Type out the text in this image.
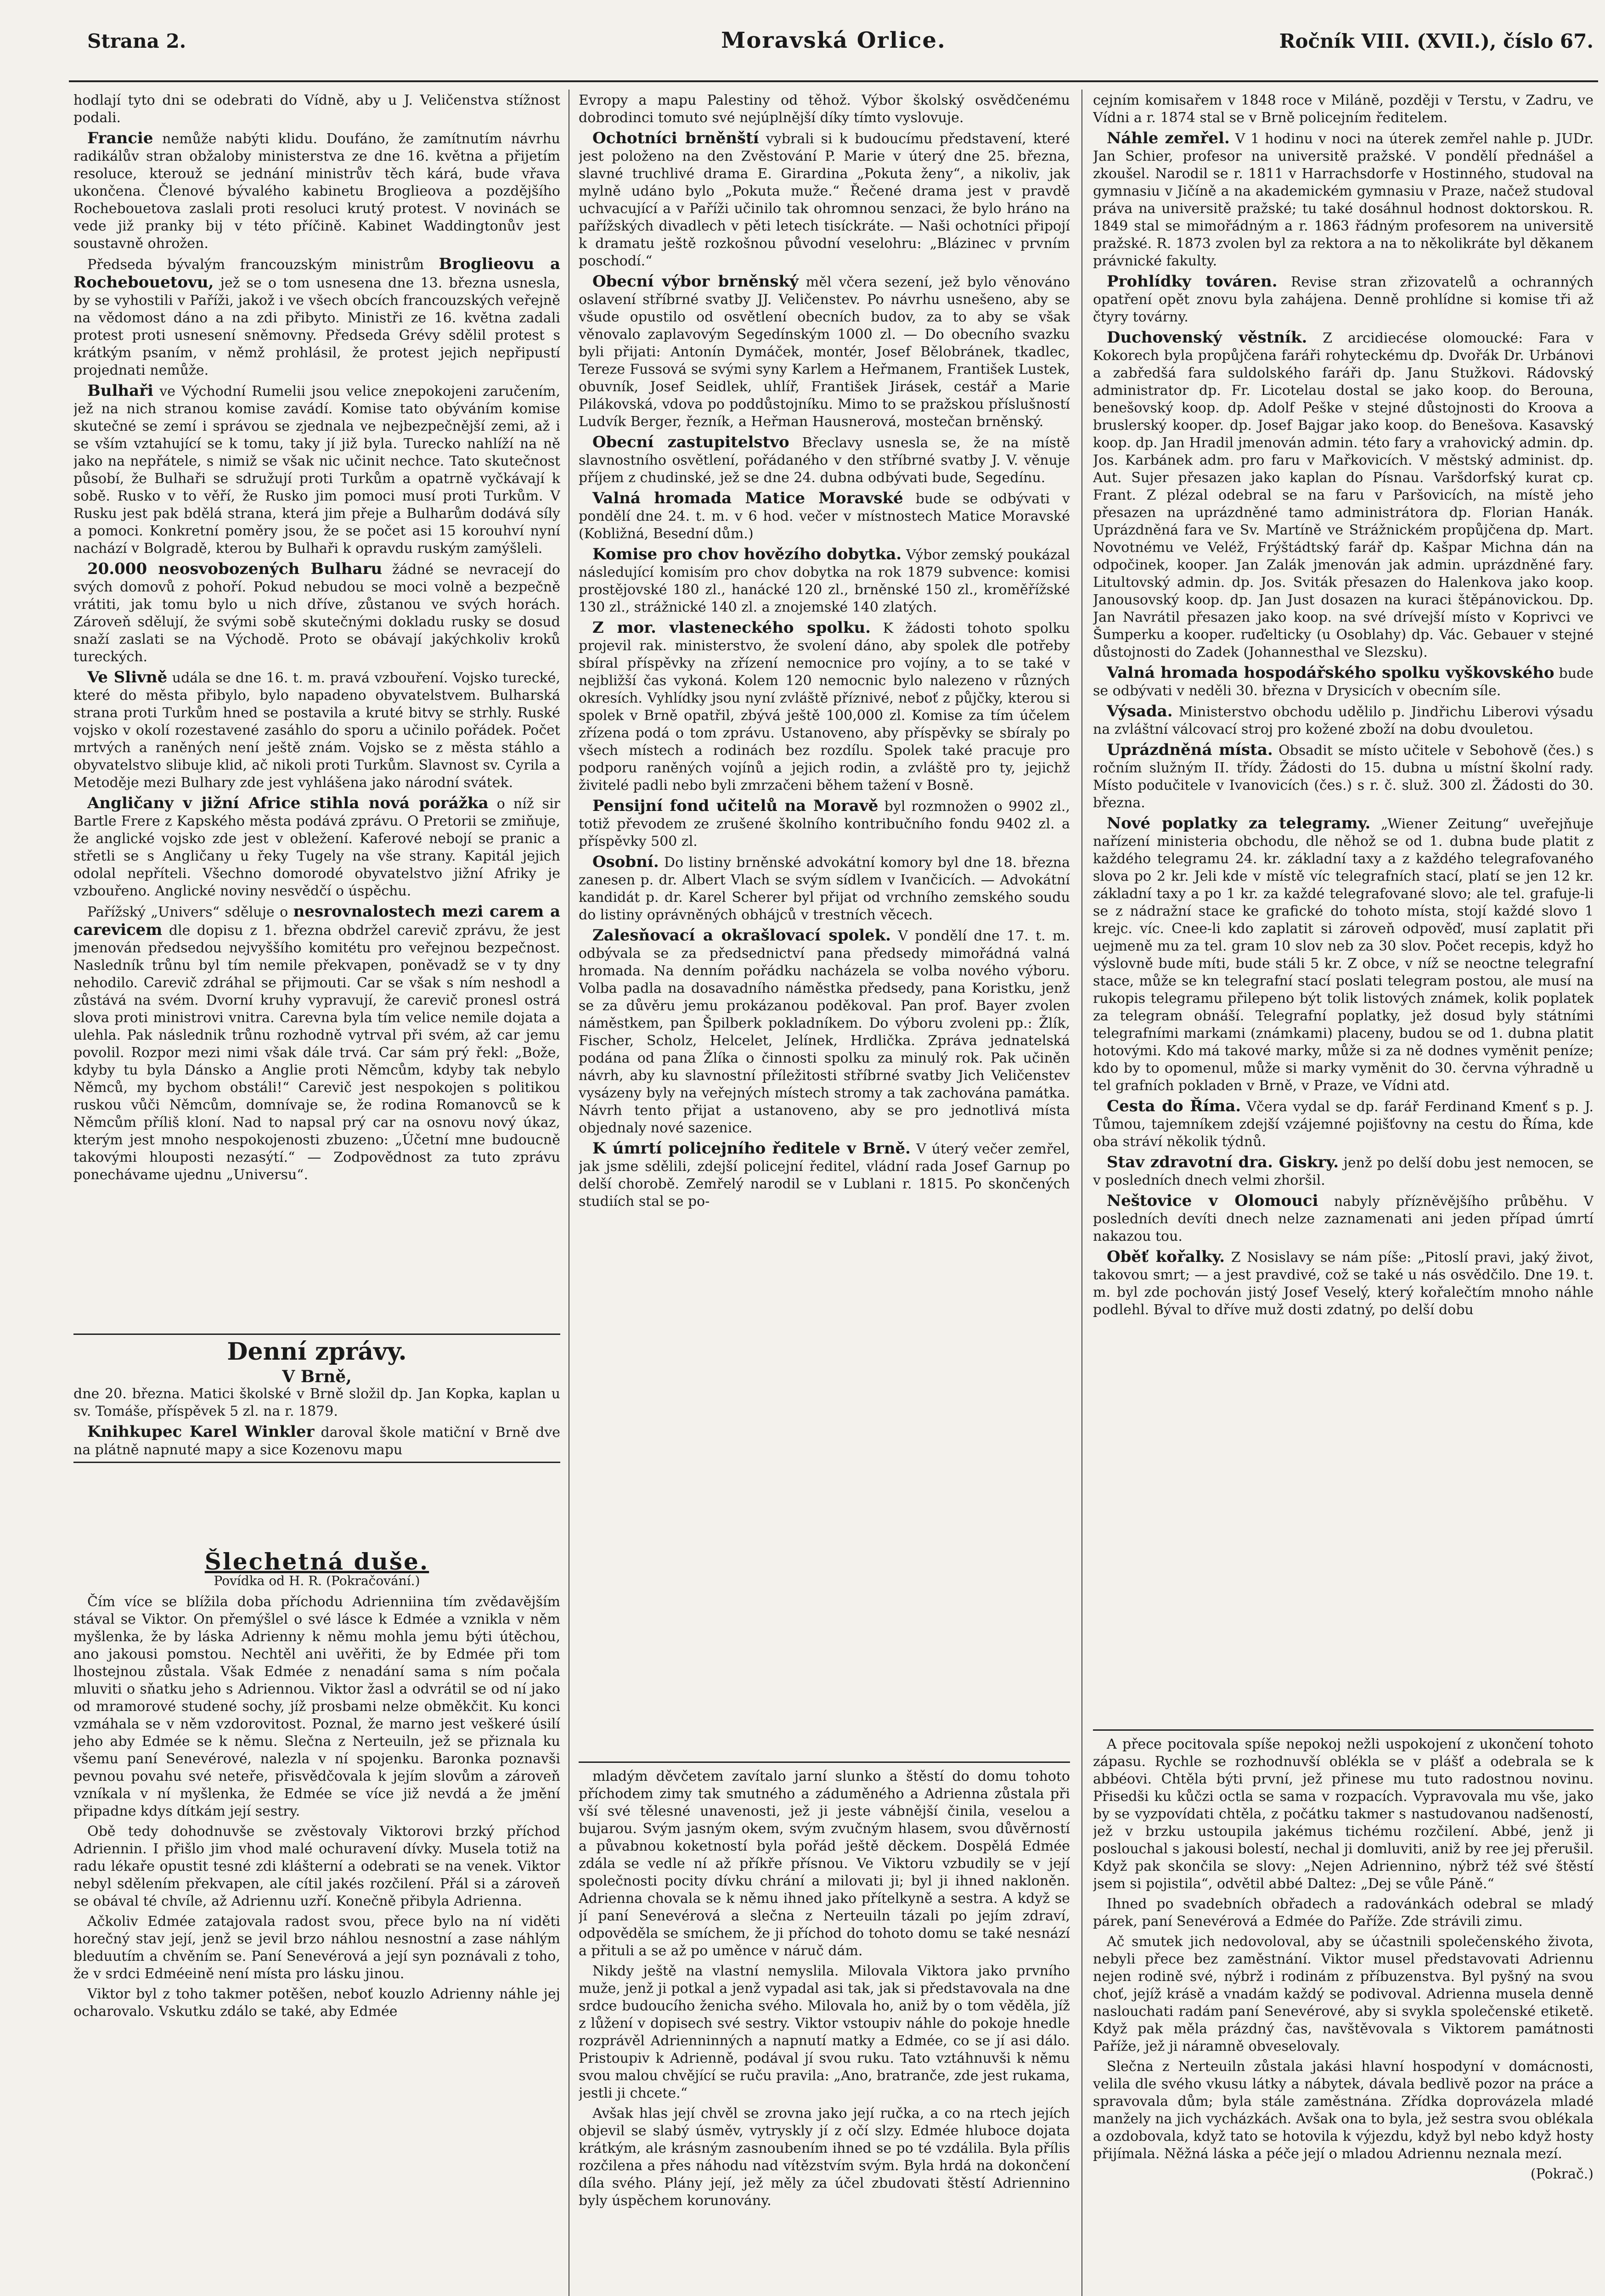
Strana 2.	Moravská Orlice.	Ročník VIII. (XVII.), číslo 67.

hodlají tyto dni se odebrati do Vídně, aby u J. Veličenstva stížnost podali.

Francie nemůže nabýti klidu. Doufáno, že zamítnutím návrhu radikálův stran obžaloby ministerstva ze dne 16. května a přijetím resoluce, kterouž se jednání ministrův těch kárá, bude vřava ukončena. Členové bývalého kabinetu Broglieova a pozdějšího Rochebouetova zaslali proti resoluci krutý protest. V novinách se vede již pranky bij v této příčině. Kabinet Waddingtonův jest soustavně ohrožen.

Předseda bývalým francouzským ministrům Broglieovu a Rochebouetovu, jež se o tom usnesena dne 13. března usnesla, by se vyhostili v Paříži, jakož i ve všech obcích francouzských veřejně na vědomost dáno a na zdi přibyto. Ministři ze 16. května zadali protest proti usnesení sněmovny. Předseda Grévy sdělil protest s krátkým psaním, v němž prohlásil, že protest jejich nepřipustí projednati nemůže.

Bulhaři ve Východní Rumelii jsou velice znepokojeni zaručením, jež na nich stranou komise zavádí. Komise tato obýváním komise skutečné se zemí i správou se zjednala ve nejbezpečnější zemi, až i se vším vztahující se k tomu, taky jí již byla. Turecko nahlíží na ně jako na nepřátele, s nimiž se však nic učinit nechce. Tato skutečnost působí, že Bulhaři se sdružují proti Turkům a opatrně vyčkávají k sobě. Rusko v to věří, že Rusko jim pomoci musí proti Turkům. V Rusku jest pak bdělá strana, která jim přeje a Bulharům dodává síly a pomoci. Konkretní poměry jsou, že se počet asi 15 korouhví nyní nachází v Bolgradě, kterou by Bulhaři k opravdu ruským zamýšleli.

20.000 neosvobozených Bulharu žádné se nevracejí do svých domovů z pohoří. Pokud nebudou se moci volně a bezpečně vrátiti, jak tomu bylo u nich dříve, zůstanou ve svých horách. Zároveň sdělují, že svými sobě skutečnými dokladu rusky se dosud snaží zaslati se na Východě. Proto se obávají jakýchkoliv kroků tureckých.

Ve Slivně udála se dne 16. t. m. pravá vzbouření. Vojsko turecké, které do města přibylo, bylo napadeno obyvatelstvem. Bulharská strana proti Turkům hned se postavila a kruté bitvy se strhly. Ruské vojsko v okolí rozestavené zasáhlo do sporu a učinilo pořádek. Počet mrtvých a raněných není ještě znám. Vojsko se z města stáhlo a obyvatelstvo slibuje klid, ač nikoli proti Turkům. Slavnost sv. Cyrila a Metoděje mezi Bulhary zde jest vyhlášena jako národní svátek.

Angličany v jižní Africe stihla nová porážka o níž sir Bartle Frere z Kapského města podává zprávu. O Pretorii se zmiňuje, že anglické vojsko zde jest v obležení. Kaferové nebojí se pranic a střetli se s Angličany u řeky Tugely na vše strany. Kapitál jejich odolal nepříteli. Všechno domorodé obyvatelstvo jižní Afriky je vzbouřeno. Anglické noviny nesvědčí o úspěchu.

Pařížský „Univers“ sděluje o nesrovnalostech mezi carem a carevicem dle dopisu z 1. března obdržel carevič zprávu, že jest jmenován předsedou nejvyššího komitétu pro veřejnou bezpečnost. Nasledník trůnu byl tím nemile překvapen, poněvadž se v ty dny nehodilo. Carevič zdráhal se přijmouti. Car se však s ním neshodl a zůstává na svém. Dvorní kruhy vypravují, že carevič pronesl ostrá slova proti ministrovi vnitra. Carevna byla tím velice nemile dojata a ulehla. Pak následnik trůnu rozhodně vytrval při svém, až car jemu povolil. Rozpor mezi nimi však dále trvá. Car sám prý řekl: „Bože, kdyby tu byla Dánsko a Anglie proti Němcům, kdyby tak nebylo Němců, my bychom obstáli!“ Carevič jest nespokojen s politikou ruskou vůči Němcům, domnívaje se, že rodina Romanovců se k Němcům příliš kloní. Nad to napsal prý car na osnovu nový úkaz, kterým jest mnoho nespokojenosti zbuzeno: „Účetní mne budoucně takovými hlouposti nezasýtí.“ — Zodpovědnost za tuto zprávu ponechávame ujednu „Universu“.

Denní zprávy.

V Brně,
dne 20. března. Matici školské v Brně složil dp. Jan Kopka, kaplan u sv. Tomáše, příspěvek 5 zl. na r. 1879.

Knihkupec Karel Winkler daroval škole matiční v Brně dve na plátně napnuté mapy a sice Kozenovu mapu

Šlechetná duše.
Povídka od H. R. (Pokračování.)

Čím více se blížila doba příchodu Adrienniina tím zvědavějším stával se Viktor. On přemýšlel o své lásce k Edmée a vznikla v něm myšlenka, že by láska Adrienny k němu mohla jemu býti útěchou, ano jakousi pomstou. Nechtěl ani uvěřiti, že by Edmée při tom lhostejnou zůstala. Však Edmée z nenadání sama s ním počala mluviti o sňatku jeho s Adriennou. Viktor žasl a odvrátil se od ní jako od mramorové studené sochy, jíž prosbami nelze obměkčit. Ku konci vzmáhala se v něm vzdorovitost. Poznal, že marno jest veškeré úsilí jeho aby Edmée se k němu. Slečna z Nerteuiln, jež se přiznala ku všemu paní Senevérové, nalezla v ní spojenku. Baronka poznavši pevnou povahu své neteře, přisvědčovala k jejím slovům a zároveň vzníkala v ní myšlenka, že Edmée se více již nevdá a že jmění připadne kdys dítkám její sestry.

Obě tedy dohodnuvše se zvěstovaly Viktorovi brzký příchod Adriennin. I přišlo jim vhod malé ochuravení dívky. Musela totiž na radu lékaře opustit tesné zdi klášterní a odebrati se na venek. Viktor nebyl sdělením překvapen, ale cítil jakés rozčilení. Přál si a zároveň se obával té chvíle, až Adriennu uzří. Konečně přibyla Adrienna.

Ačkoliv Edmée zatajovala radost svou, přece bylo na ní viděti horečný stav její, jenž se jevil brzo náhlou nesnostní a zase náhlým bleduutím a chvěním se. Paní Senevérová a její syn poznávali z toho, že v srdci Edméeině není místa pro lásku jinou.

Viktor byl z toho takmer potěšen, neboť kouzlo Adrienny náhle jej ocharovalo. Vskutku zdálo se také, aby Edmée

Evropy a mapu Palestiny od těhož. Výbor školský osvědčenému dobrodinci tomuto své nejúplnější díky tímto vyslovuje.

Ochotníci brněnští vybrali si k budoucímu představení, které jest položeno na den Zvěstování P. Marie v úterý dne 25. března, slavné truchlivé drama E. Girardina „Pokuta ženy“, a nikoliv, jak mylně udáno bylo „Pokuta muže.“ Řečené drama jest v pravdě uchvacující a v Paříži učinilo tak ohromnou senzaci, že bylo hráno na pařížských divadlech v pěti letech tisíckráte. — Naši ochotníci připojí k dramatu ještě rozkošnou původní veselohru: „Blázinec v prvním poschodí.“

Obecní výbor brněnský měl včera sezení, jež bylo věnováno oslavení stříbrné svatby JJ. Veličenstev. Po návrhu usnešeno, aby se všude opustilo od osvětlení obecních budov, za to aby se však věnovalo zaplavovým Segedínským 1000 zl. — Do obecního svazku byli přijati: Antonín Dymáček, montér, Josef Bělobránek, tkadlec, Tereze Fussová se svými syny Karlem a Heřmanem, František Lustek, obuvník, Josef Seidlek, uhlíř, František Jirásek, cestář a Marie Pilákovská, vdova po poddůstojníku. Mimo to se pražskou příslušností Ludvík Berger, řezník, a Heřman Hausnerová, mostečan brněnský.

Obecní zastupitelstvo Břeclavy usnesla se, že na místě slavnostního osvětlení, pořádaného v den stříbrné svatby J. V. věnuje příjem z chudinské, jež se dne 24. dubna odbývati bude, Segedínu.

Valná hromada Matice Moravské bude se odbývati v pondělí dne 24. t. m. v 6 hod. večer v místnostech Matice Moravské (Kobližná, Besední dům.)

Komise pro chov hovězího dobytka. Výbor zemský poukázal následující komisím pro chov dobytka na rok 1879 subvence: komisi prostějovské 180 zl., hanácké 120 zl., brněnské 150 zl., kroměřížské 130 zl., strážnické 140 zl. a znojemské 140 zlatých.

Z mor. vlasteneckého spolku. K žádosti tohoto spolku projevil rak. ministerstvo, že svolení dáno, aby spolek dle potřeby sbíral příspěvky na zřízení nemocnice pro vojíny, a to se také v nejbližší čas vykoná. Kolem 120 nemocnic bylo nalezeno v různých okresích. Vyhlídky jsou nyní zvláště příznivé, neboť z půjčky, kterou si spolek v Brně opatřil, zbývá ještě 100,000 zl. Komise za tím účelem zřízena podá o tom zprávu. Ustanoveno, aby příspěvky se sbíraly po všech místech a rodinách bez rozdílu. Spolek také pracuje pro podporu raněných vojínů a jejich rodin, a zvláště pro ty, jejichž živitelé padli nebo byli zmrzačeni během tažení v Bosně.

Pensijní fond učitelů na Moravě byl rozmnožen o 9902 zl., totiž převodem ze zrušené školního kontribučního fondu 9402 zl. a příspěvky 500 zl.

Osobní. Do listiny brněnské advokátní komory byl dne 18. března zanesen p. dr. Albert Vlach se svým sídlem v Ivančicích. — Advokátní kandidát p. dr. Karel Scherer byl přijat od vrchního zemského soudu do listiny oprávněných obhájců v trestních věcech.

Zalesňovací a okrašlovací spolek. V pondělí dne 17. t. m. odbývala se za předsednictví pana předsedy mimořádná valná hromada. Na denním pořádku nacházela se volba nového výboru. Volba padla na dosavadního náměstka předsedy, pana Koristku, jenž se za důvěru jemu prokázanou poděkoval. Pan prof. Bayer zvolen náměstkem, pan Špilberk pokladníkem. Do výboru zvoleni pp.: Žlík, Fischer, Scholz, Helcelet, Jelínek, Hrdlička. Zpráva jednatelská podána od pana Žlíka o činnosti spolku za minulý rok. Pak učiněn návrh, aby ku slavnostní příležitosti stříbrné svatby Jich Veličenstev vysázeny byly na veřejných místech stromy a tak zachována památka. Návrh tento přijat a ustanoveno, aby se pro jednotlivá místa objednaly nové sazenice.

K úmrtí policejního ředitele v Brně. V úterý večer zemřel, jak jsme sdělili, zdejší policejní ředitel, vládní rada Josef Garnup po delší chorobě. Zemřelý narodil se v Lublani r. 1815. Po skončených studiích stal se po-

mladým děvčetem zavítalo jarní slunko a štěstí do domu tohoto příchodem zimy tak smutného a záduměného a Adrienna zůstala při vší své tělesné unavenosti, jež ji jeste vábnější činila, veselou a bujarou. Svým jasným okem, svým zvučným hlasem, svou důvěrností a půvabnou koketností byla pořád ještě děckem. Dospělá Edmée zdála se vedle ní až příkře přísnou. Ve Viktoru vzbudily se v její společnosti pocity dívku chrání a milovati ji; byl ji ihned nakloněn. Adrienna chovala se k němu ihned jako přítelkyně a sestra. A když se jí paní Senevérová a slečna z Nerteuiln tázali po jejím zdraví, odpověděla se smíchem, že ji příchod do tohoto domu se také nesnází a přituli a se až po uměnce v náruč dám.

Nikdy ještě na vlastní nemyslila. Milovala Viktora jako prvního muže, jenž ji potkal a jenž vypadal asi tak, jak si představovala na dne srdce budoucího ženicha svého. Milovala ho, aniž by o tom věděla, jíž z lůžení v dopisech své sestry. Viktor vstoupiv náhle do pokoje hnedle rozprávěl Adrienninných a napnutí matky a Edmée, co se jí asi dálo. Pristoupiv k Adrienně, podával jí svou ruku. Tato vztáhnuvši k němu svou malou chvějící se ruču pravila: „Ano, bratranče, zde jest rukama, jestli ji chcete.“

Avšak hlas její chvěl se zrovna jako její ručka, a co na rtech jejích objevil se slabý úsměv, vytryskly jí z očí slzy. Edmée hluboce dojata krátkým, ale krásným zasnoubením ihned se po té vzdálila. Byla přílis rozčilena a přes náhodu nad vítězstvím svým. Byla hrdá na dokončení díla svého. Plány její, jež měly za účel zbudovati štěstí Adriennino byly úspěchem korunovány.

cejním komisařem v 1848 roce v Miláně, později v Terstu, v Zadru, ve Vídni a r. 1874 stal se v Brně policejním ředitelem.

Náhle zemřel. V 1 hodinu v noci na úterek zemřel nahle p. JUDr. Jan Schier, profesor na universitě pražské. V pondělí přednášel a zkoušel. Narodil se r. 1811 v Harrachsdorfe v Hostinného, studoval na gymnasiu v Jičíně a na akademickém gymnasiu v Praze, načež studoval práva na universitě pražské; tu také dosáhnul hodnost doktorskou. R. 1849 stal se mimořádným a r. 1863 řádným profesorem na universitě pražské. R. 1873 zvolen byl za rektora a na to několikráte byl děkanem právnické fakulty.

Prohlídky továren. Revise stran zřizovatelů a ochranných opatření opět znovu byla zahájena. Denně prohlídne si komise tři až čtyry továrny.

Duchovenský věstník. Z arcidiecése olomoucké: Fara v Kokorech byla propůjčena faráři rohyteckému dp. Dvořák Dr. Urbánovi a zabředšá fara suldolského faráři dp. Janu Stužkovi. Rádovský administrator dp. Fr. Licotelau dostal se jako koop. do Berouna, benešovský koop. dp. Adolf Peške v stejné důstojnosti do Kroova a bruslerský kooper. dp. Josef Bajgar jako koop. do Benešova. Kasavský koop. dp. Jan Hradil jmenován admin. této fary a vrahovický admin. dp. Jos. Karbánek adm. pro faru v Mařkovicích. V městský administ. dp. Aut. Sujer přesazen jako kaplan do Písnau. Varšdorfský kurat cp. Frant. Z plézal odebral se na faru v Paršovicích, na místě jeho přesazen na uprázdněné tamo administrátora dp. Florian Hanák. Uprázdněná fara ve Sv. Martíně ve Strážnickém propůjčena dp. Mart. Novotnému ve Veléž, Frýštádtský farář dp. Kašpar Michna dán na odpočinek, kooper. Jan Zalák jmenován jak admin. uprázdněné fary. Litultovský admin. dp. Jos. Sviták přesazen do Halenkova jako koop. Janousovský koop. dp. Jan Just dosazen na kuraci štěpánovickou. Dp. Jan Navrátil přesazen jako koop. na své drívejší místo v Koprivci ve Šumperku a kooper. ruďelticky (u Osoblahy) dp. Vác. Gebauer v stejné důstojnosti do Zadek (Johannesthal ve Slezsku).

Valná hromada hospodářského spolku vyškovského bude se odbývati v neděli 30. března v Drysicích v obecním síle.

Výsada. Ministerstvo obchodu udělilo p. Jindřichu Liberovi výsadu na zvláštní válcovací stroj pro kožené zboží na dobu dvouletou.

Uprázdněná místa. Obsadit se místo učitele v Sebohově (čes.) s ročním služným II. třídy. Žádosti do 15. dubna u místní školní rady. Místo podučitele v Ivanovicích (čes.) s r. č. služ. 300 zl. Žádosti do 30. března.

Nové poplatky za telegramy. „Wiener Zeitung“ uveřejňuje nařízení ministeria obchodu, dle něhož se od 1. dubna bude platit z každého telegramu 24. kr. základní taxy a z každého telegrafovaného slova po 2 kr. Jeli kde v místě víc telegrafních stací, platí se jen 12 kr. základní taxy a po 1 kr. za každé telegrafované slovo; ale tel. grafuje-li se z nádražní stace ke grafické do tohoto místa, stojí každé slovo 1 krejc. víc. Cnee-li kdo zaplatit si zároveň odpověď, musí zaplatit při uejmeně mu za tel. gram 10 slov neb za 30 slov. Počet recepis, když ho výslovně bude míti, bude stáli 5 kr. Z obce, v níž se neoctne telegrafní stace, může se kn telegrafní stací poslati telegram postou, ale musí na rukopis telegramu přilepeno být tolik listových známek, kolik poplatek za telegram obnáší. Telegrafní poplatky, jež dosud byly státními telegrafními markami (známkami) placeny, budou se od 1. dubna platit hotovými. Kdo má takové marky, může si za ně dodnes vyměnit peníze; kdo by to opomenul, může si marky vyměnit do 30. června výhradně u tel grafních pokladen v Brně, v Praze, ve Vídni atd.

Cesta do Říma. Včera vydal se dp. farář Ferdinand Kmenť s p. J. Tůmou, tajemníkem zdejší vzájemné pojišťovny na cestu do Říma, kde oba stráví několik týdnů.

Stav zdravotní dra. Giskry. jenž po delší dobu jest nemocen, se v posledních dnech velmi zhoršil.

Neštovice v Olomouci nabyly přízněvějšího průběhu. V posledních devíti dnech nelze zaznamenati ani jeden případ úmrtí nakazou tou.

Oběť kořalky. Z Nosislavy se nám píše: „Pitoslí pravi, jaký život, takovou smrt; — a jest pravdivé, což se také u nás osvědčilo. Dne 19. t. m. byl zde pochován jistý Josef Veselý, který kořalečtím mnoho náhle podlehl. Býval to dříve muž dosti zdatný, po delší dobu

A přece pocitovala spíše nepokoj nežli uspokojení z ukončení tohoto zápasu. Rychle se rozhodnuvší oblékla se v plášť a odebrala se k abbéovi. Chtěla býti první, jež přinese mu tuto radostnou novinu. Přisedši ku kůčzi octla se sama v rozpacích. Vypravovala mu vše, jako by se vyzpovídati chtěla, z počátku takmer s nastudovanou nadšeností, jež v brzku ustoupila jakémus tichému rozčilení. Abbé, jenž ji poslouchal s jakousi bolestí, nechal ji domluviti, aniž by ree jej přerušil. Když pak skončila se slovy: „Nejen Adriennino, nýbrž též své štěstí jsem si pojistila“, odvětil abbé Daltez: „Dej se vůle Páně.“

Ihned po svadebních obřadech a radovánkách odebral se mladý párek, paní Senevérová a Edmée do Paříže. Zde strávili zimu.

Ač smutek jich nedovoloval, aby se účastnili společenského života, nebyli přece bez zaměstnání. Viktor musel představovati Adriennu nejen rodině své, nýbrž i rodinám z příbuzenstva. Byl pyšný na svou choť, jejíž krásě a vnadám každý se podivoval. Adrienna musela denně naslouchati radám paní Senevérové, aby si svykla společenské etiketě. Když pak měla prázdný čas, navštěvovala s Viktorem památnosti Paříže, jež ji náramně obveselovaly.

Slečna z Nerteuiln zůstala jakási hlavní hospodyní v domácnosti, velila dle svého vkusu látky a nábytek, dávala bedlivě pozor na práce a spravovala dům; byla stále zaměstnána. Zřídka doprovázela mladé manžely na jich vycházkách. Avšak ona to byla, jež sestra svou oblékala a ozdobovala, když tato se hotovila k výjezdu, když byl nebo když hosty přijímala. Něžná láska a péče její o mladou Adriennu neznala mezí.

(Pokrač.)
